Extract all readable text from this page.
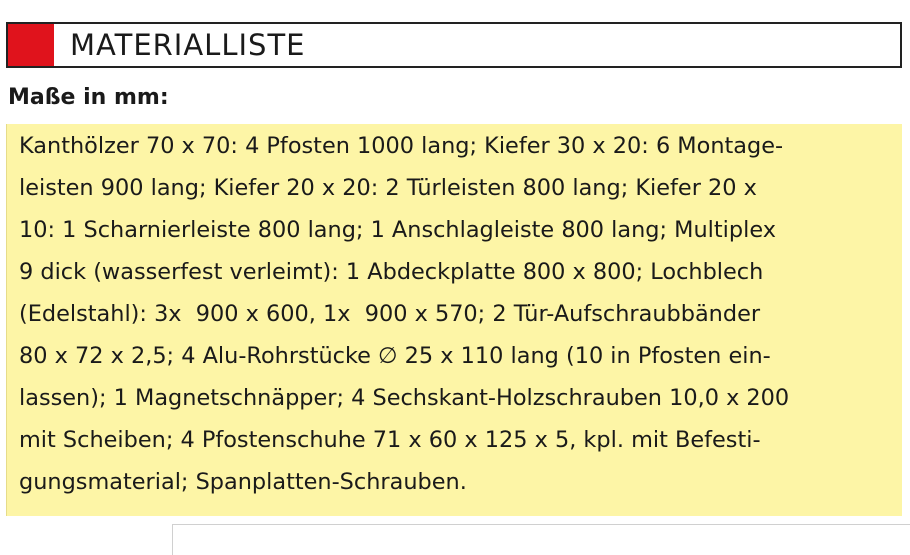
MATERIALLISTE
Maße in mm:
Kanthölzer 70 x 70: 4 Pfosten 1000 lang; Kiefer 30 x 20: 6 Montage-
leisten 900 lang; Kiefer 20 x 20: 2 Türleisten 800 lang; Kiefer 20 x
10: 1 Scharnierleiste 800 lang; 1 Anschlagleiste 800 lang; Multiplex
9 dick (wasserfest verleimt): 1 Abdeckplatte 800 x 800; Lochblech
(Edelstahl): 3x  900 x 600, 1x  900 x 570; 2 Tür-Aufschraubbänder
80 x 72 x 2,5; 4 Alu-Rohrstücke ∅ 25 x 110 lang (10 in Pfosten ein-
lassen); 1 Magnetschnäpper; 4 Sechskant-Holzschrauben 10,0 x 200
mit Scheiben; 4 Pfostenschuhe 71 x 60 x 125 x 5, kpl. mit Befesti-
gungsmaterial; Spanplatten-Schrauben.
